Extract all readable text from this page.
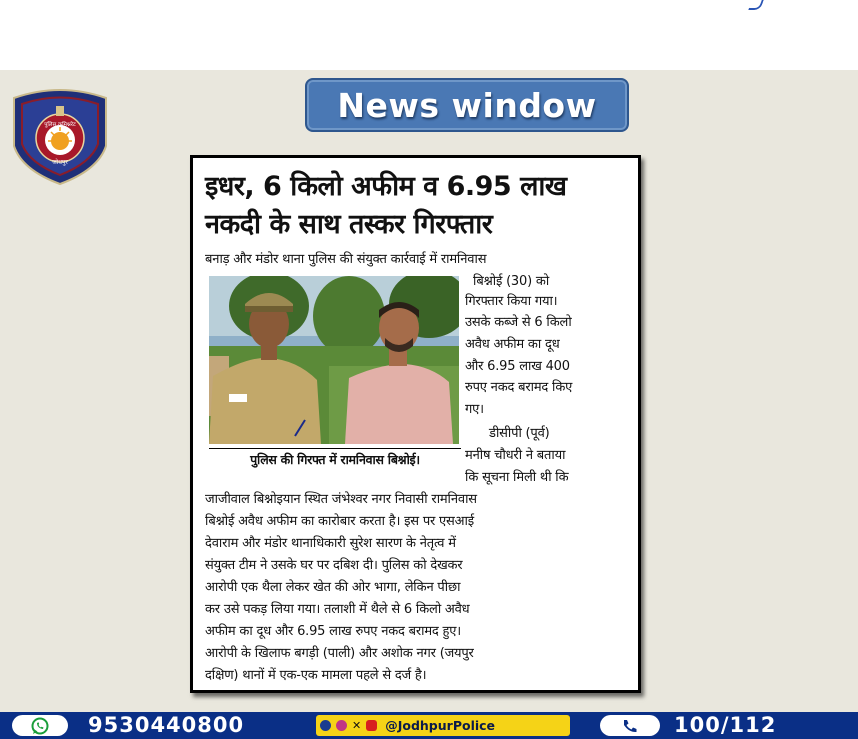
पुलिस कमिश्नरेट
जोधपुर
News window
इधर, 6 किलो अफीम व 6.95 लाख
नकदी के साथ तस्कर गिरफ्तार
बनाड़ और मंडोर थाना पुलिस की संयुक्त कार्रवाई में रामनिवास
पुलिस की गिरफ्त में रामनिवास बिश्नोई।
बिश्नोई (30) को
गिरफ्तार किया गया।
उसके कब्जे से 6 किलो
अवैध अफीम का दूध
और 6.95 लाख 400
रुपए नकद बरामद किए
गए।
डीसीपी (पूर्व)
मनीष चौधरी ने बताया
कि सूचना मिली थी कि
जाजीवाल बिश्नोइयान स्थित जंभेश्वर नगर निवासी रामनिवास
बिश्नोई अवैध अफीम का कारोबार करता है। इस पर एसआई
देवाराम और मंडोर थानाधिकारी सुरेश सारण के नेतृत्व में
संयुक्त टीम ने उसके घर पर दबिश दी। पुलिस को देखकर
आरोपी एक थैला लेकर खेत की ओर भागा, लेकिन पीछा
कर उसे पकड़ लिया गया। तलाशी में थैले से 6 किलो अवैध
अफीम का दूध और 6.95 लाख रुपए नकद बरामद हुए।
आरोपी के खिलाफ बगड़ी (पाली) और अशोक नगर (जयपुर
दक्षिण) थानों में एक-एक मामला पहले से दर्ज है।
9530440800	✕ @JodhpurPolice	100/112
